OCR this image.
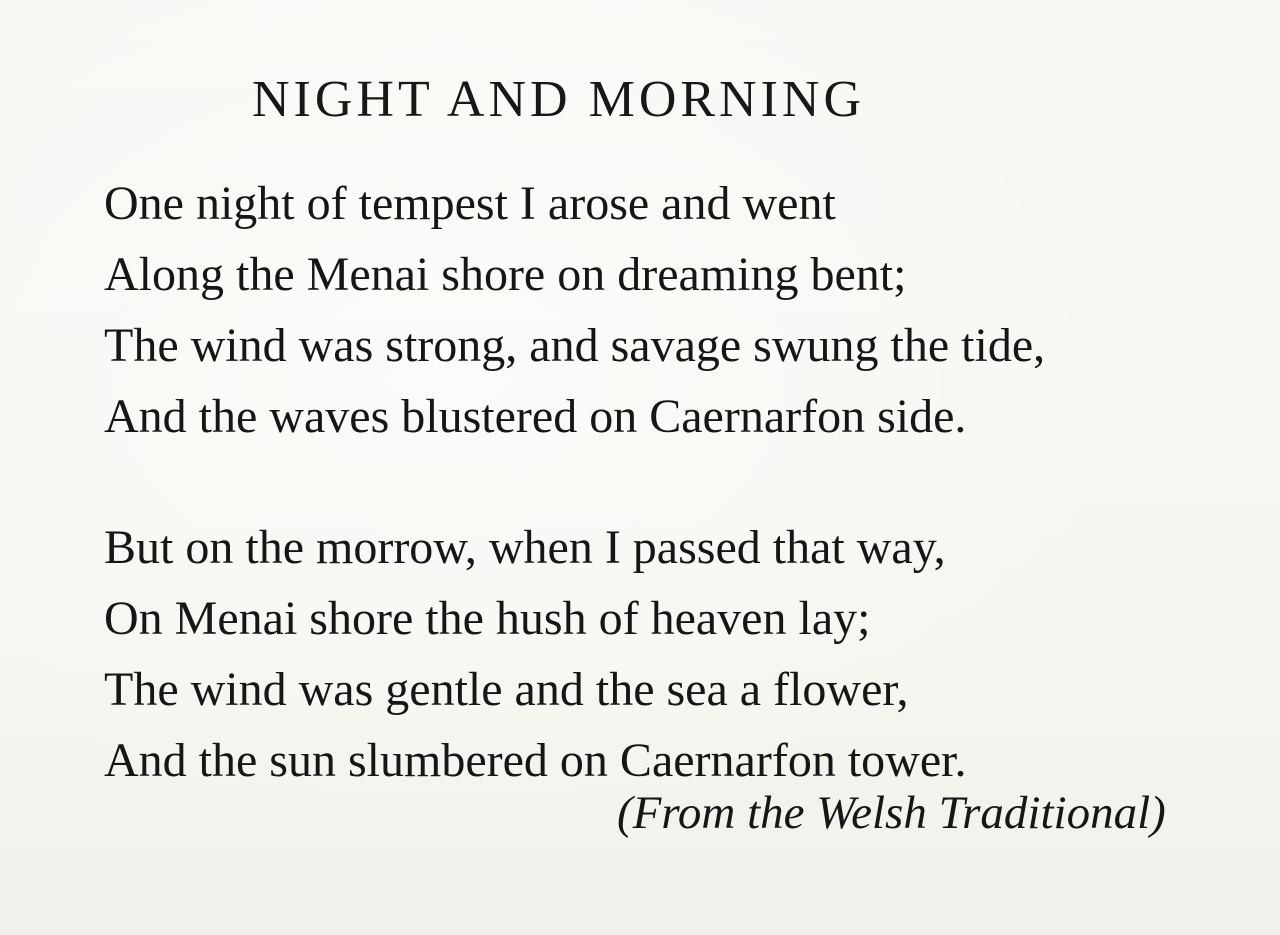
NIGHT AND MORNING
One night of tempest I arose and went
Along the Menai shore on dreaming bent;
The wind was strong, and savage swung the tide,
And the waves blustered on Caernarfon side.
But on the morrow, when I passed that way,
On Menai shore the hush of heaven lay;
The wind was gentle and the sea a flower,
And the sun slumbered on Caernarfon tower.
(From the Welsh Traditional)
